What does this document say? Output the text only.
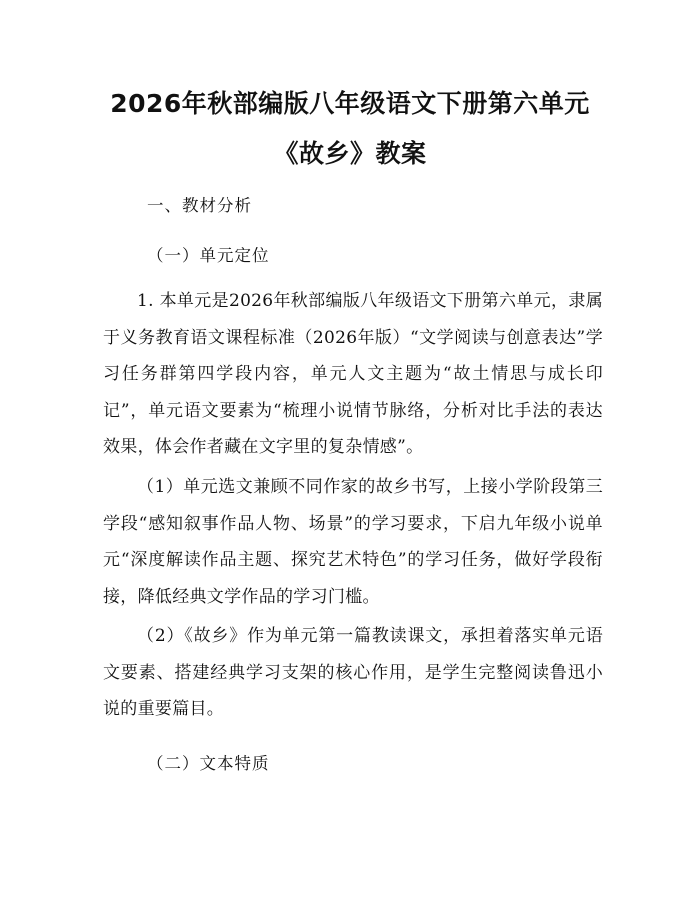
2026年秋部编版八年级语文下册第六单元
《故乡》教案
一、教材分析
（一）单元定位

1. 本单元是2026年秋部编版八年级语文下册第六单元，隶属于义务教育语文课程标准（2026年版）“文学阅读与创意表达”学习任务群第四学段内容，单元人文主题为“故土情思与成长印记”，单元语文要素为“梳理小说情节脉络，分析对比手法的表达效果，体会作者藏在文字里的复杂情感”。

（1）单元选文兼顾不同作家的故乡书写，上接小学阶段第三学段“感知叙事作品人物、场景”的学习要求，下启九年级小说单元“深度解读作品主题、探究艺术特色”的学习任务，做好学段衔接，降低经典文学作品的学习门槛。

（2）《故乡》作为单元第一篇教读课文，承担着落实单元语文要素、搭建经典学习支架的核心作用，是学生完整阅读鲁迅小说的重要篇目。

（二）文本特质
